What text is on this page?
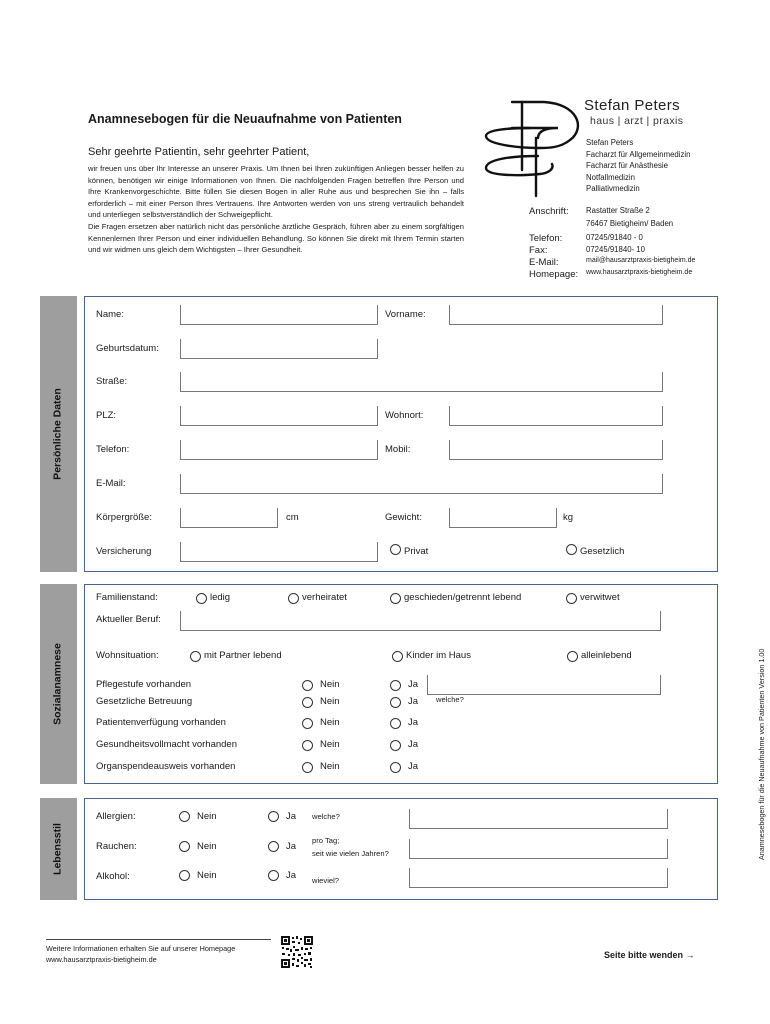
Anamnesebogen für die Neuaufnahme von Patienten
Sehr geehrte Patientin, sehr geehrter Patient,

wir freuen uns über Ihr Interesse an unserer Praxis. Um Ihnen bei Ihren zukünftigen Anliegen besser helfen zu können, benötigen wir einige Informationen von Ihnen. Die nachfolgenden Fragen betreffen Ihre Person und Ihre Krankenvorgeschichte. Bitte füllen Sie diesen Bogen in aller Ruhe aus und besprechen Sie ihn – falls erforderlich – mit einer Person Ihres Vertrauens. Ihre Antworten werden von uns streng vertraulich behandelt und unterliegen selbstverständlich der Schweigepflicht.

Die Fragen ersetzen aber natürlich nicht das persönliche ärztliche Gespräch, führen aber zu einem sorgfältigen Kennenlernen Ihrer Person und einer individuellen Behandlung. So können Sie direkt mit Ihrem Termin starten und wir widmen uns gleich dem Wichtigsten – Ihrer Gesundheit.

Stefan Peters
haus | arzt | praxis
Stefan Peters
Facharzt für Allgemeinmedizin
Facharzt für Anästhesie
Notfallmedizin
Palliativmedizin
Anschrift: Rastatter Straße 2
76467 Bietigheim/ Baden
Telefon:	07245/91840 - 0
Fax:	07245/91840- 10
E-Mail:	mail@hausarztpraxis-bietigheim.de
Homepage: www.hausarztpraxis-bietigheim.de
Persönliche Daten
Name:	Vorname:
Geburtsdatum:
Straße:
PLZ:	Wohnort:
Telefon:	Mobil:
E-Mail:
Körpergröße:	cm	Gewicht:	kg
Versicherung	Privat	Gesetzlich
Sozialanamnese
Familienstand:	ledig	verheiratet	geschieden/getrennt lebend	verwitwet
Aktueller Beruf:
Wohnsituation:	mit Partner lebend	Kinder im Haus	alleinlebend
Pflegestufe vorhanden	Nein	Ja
Gesetzliche Betreuung	Nein	Ja welche?
Patientenverfügung vorhanden	Nein	Ja
Gesundheitsvollmacht vorhanden	Nein	Ja
Organspendeausweis vorhanden	Nein	Ja
Lebensstil
Allergien:	Nein	Ja welche?
Rauchen:	Nein	Ja
pro Tag;
seit wie vielen Jahren?
Alkohol:	Nein	Ja wieviel?
Weitere Informationen erhalten Sie auf unserer Homepage
www.hausarztpraxis-bietigheim.de	Seite bitte wenden →
Anamnesebogen für die Neuaufnahme von Patienten Version 1.00
